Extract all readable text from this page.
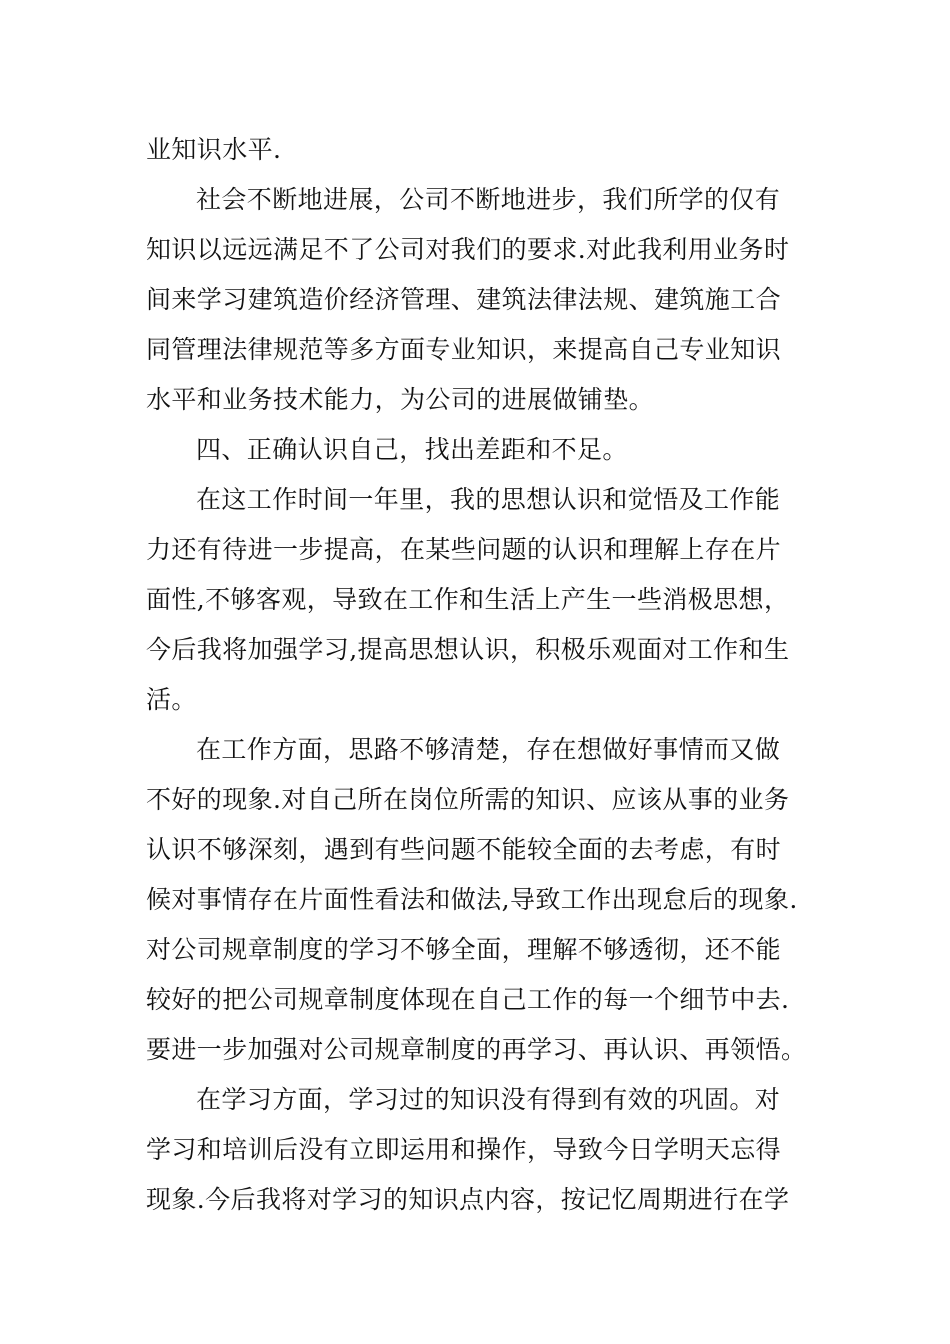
业知识水平.
社会不断地进展，公司不断地进步，我们所学的仅有
知识以远远满足不了公司对我们的要求.对此我利用业务时
间来学习建筑造价经济管理、建筑法律法规、建筑施工合
同管理法律规范等多方面专业知识，来提高自己专业知识
水平和业务技术能力，为公司的进展做铺垫。
四、正确认识自己，找出差距和不足。
在这工作时间一年里，我的思想认识和觉悟及工作能
力还有待进一步提高，在某些问题的认识和理解上存在片
面性,不够客观，导致在工作和生活上产生一些消极思想，
今后我将加强学习,提高思想认识，积极乐观面对工作和生
活。
在工作方面，思路不够清楚，存在想做好事情而又做
不好的现象.对自己所在岗位所需的知识、应该从事的业务
认识不够深刻，遇到有些问题不能较全面的去考虑，有时
候对事情存在片面性看法和做法,导致工作出现怠后的现象.
对公司规章制度的学习不够全面，理解不够透彻，还不能
较好的把公司规章制度体现在自己工作的每一个细节中去.
要进一步加强对公司规章制度的再学习、再认识、再领悟。
在学习方面，学习过的知识没有得到有效的巩固。对
学习和培训后没有立即运用和操作，导致今日学明天忘得
现象.今后我将对学习的知识点内容，按记忆周期进行在学
